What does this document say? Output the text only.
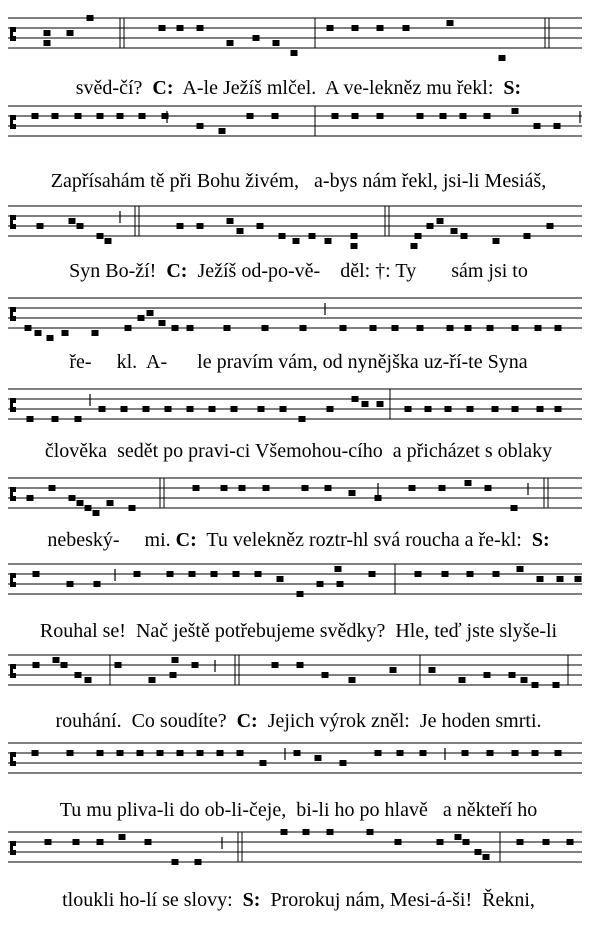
svěd-čí?  C:  A-le Ježíš mlčel.  A ve-lekněz mu řekl:  S:
Zapřísahám tě při Bohu živém,   a-bys nám řekl, jsi-li Mesiáš,
Syn Bo-ží!  C:  Ježíš od-po-vě-    děl: †: Ty       sám jsi to
ře-     kl.  A-      le pravím vám, od nynějška uz-ří-te Syna
člověka  sedět po pravi-ci Všemohou-cího  a přicházet s oblaky
nebeský-     mi. C:  Tu velekněz roztr-hl svá roucha a ře-kl:  S:
Rouhal se!  Nač ještě potřebujeme svědky?  Hle, teď jste slyše-li
rouhání.  Co soudíte?  C:  Jejich výrok zněl:  Je hoden smrti.
Tu mu pliva-li do ob-li-čeje,  bi-li ho po hlavě   a někteří ho
tloukli ho-lí se slovy:  S:  Prorokuj nám, Mesi-á-ši!  Řekni,
